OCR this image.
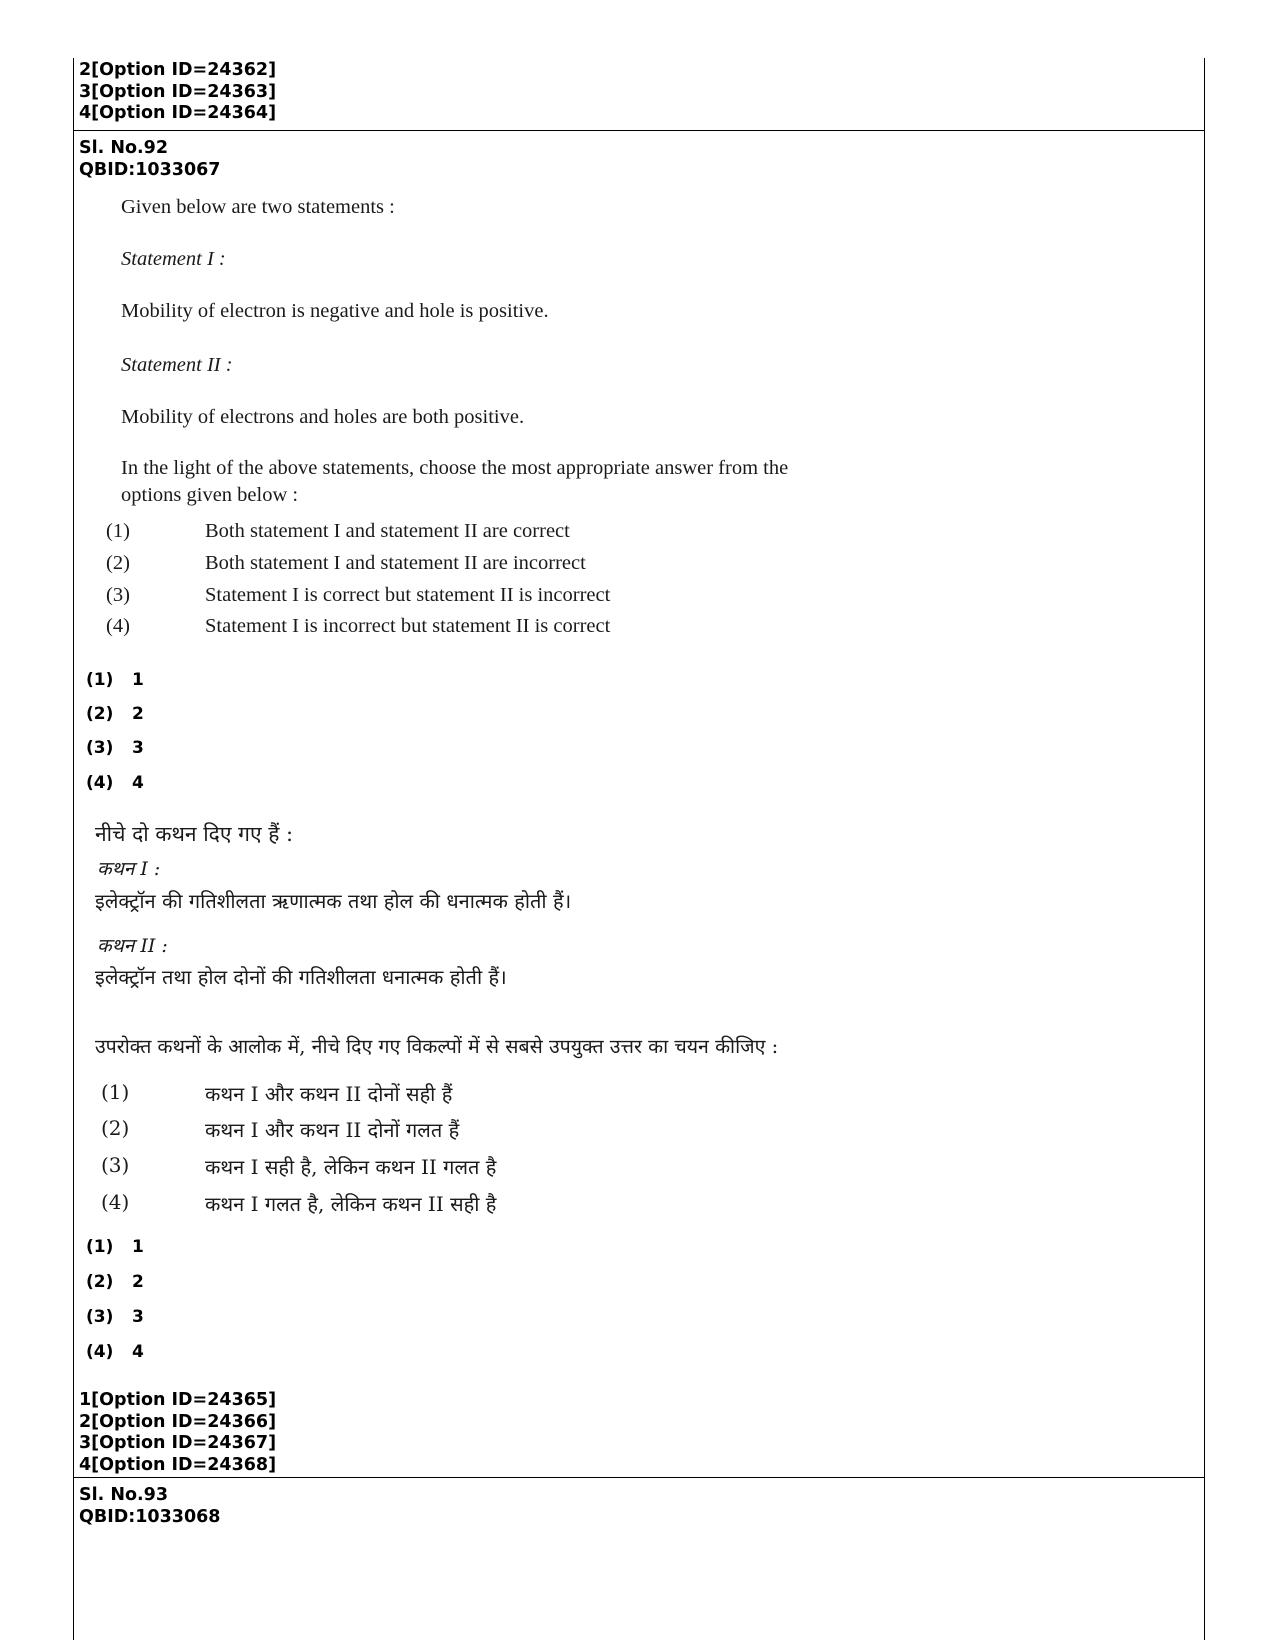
2[Option ID=24362]
3[Option ID=24363]
4[Option ID=24364]
Sl. No.92
QBID:1033067
Given below are two statements :
Statement I :
Mobility of electron is negative and hole is positive.
Statement II :
Mobility of electrons and holes are both positive.
In the light of the above statements, choose the most appropriate answer from the
options given below :
(1)	Both statement I and statement II are correct
(2)	Both statement I and statement II are incorrect
(3)	Statement I is correct but statement II is incorrect
(4)	Statement I is incorrect but statement II is correct
(1) 1
(2) 2
(3) 3
(4) 4
नीचे दो कथन दिए गए हैं :
कथन I :
इलेक्ट्रॉन की गतिशीलता ऋणात्मक तथा होल की धनात्मक होती हैं।
कथन II :
इलेक्ट्रॉन तथा होल दोनों की गतिशीलता धनात्मक होती हैं।
उपरोक्त कथनों के आलोक में, नीचे दिए गए विकल्पों में से सबसे उपयुक्त उत्तर का चयन कीजिए :
(1)	कथन I और कथन II दोनों सही हैं
(2)	कथन I और कथन II दोनों गलत हैं
(3)	कथन I सही है, लेकिन कथन II गलत है
(4)	कथन I गलत है, लेकिन कथन II सही है
(1) 1
(2) 2
(3) 3
(4) 4
1[Option ID=24365]
2[Option ID=24366]
3[Option ID=24367]
4[Option ID=24368]
Sl. No.93
QBID:1033068
